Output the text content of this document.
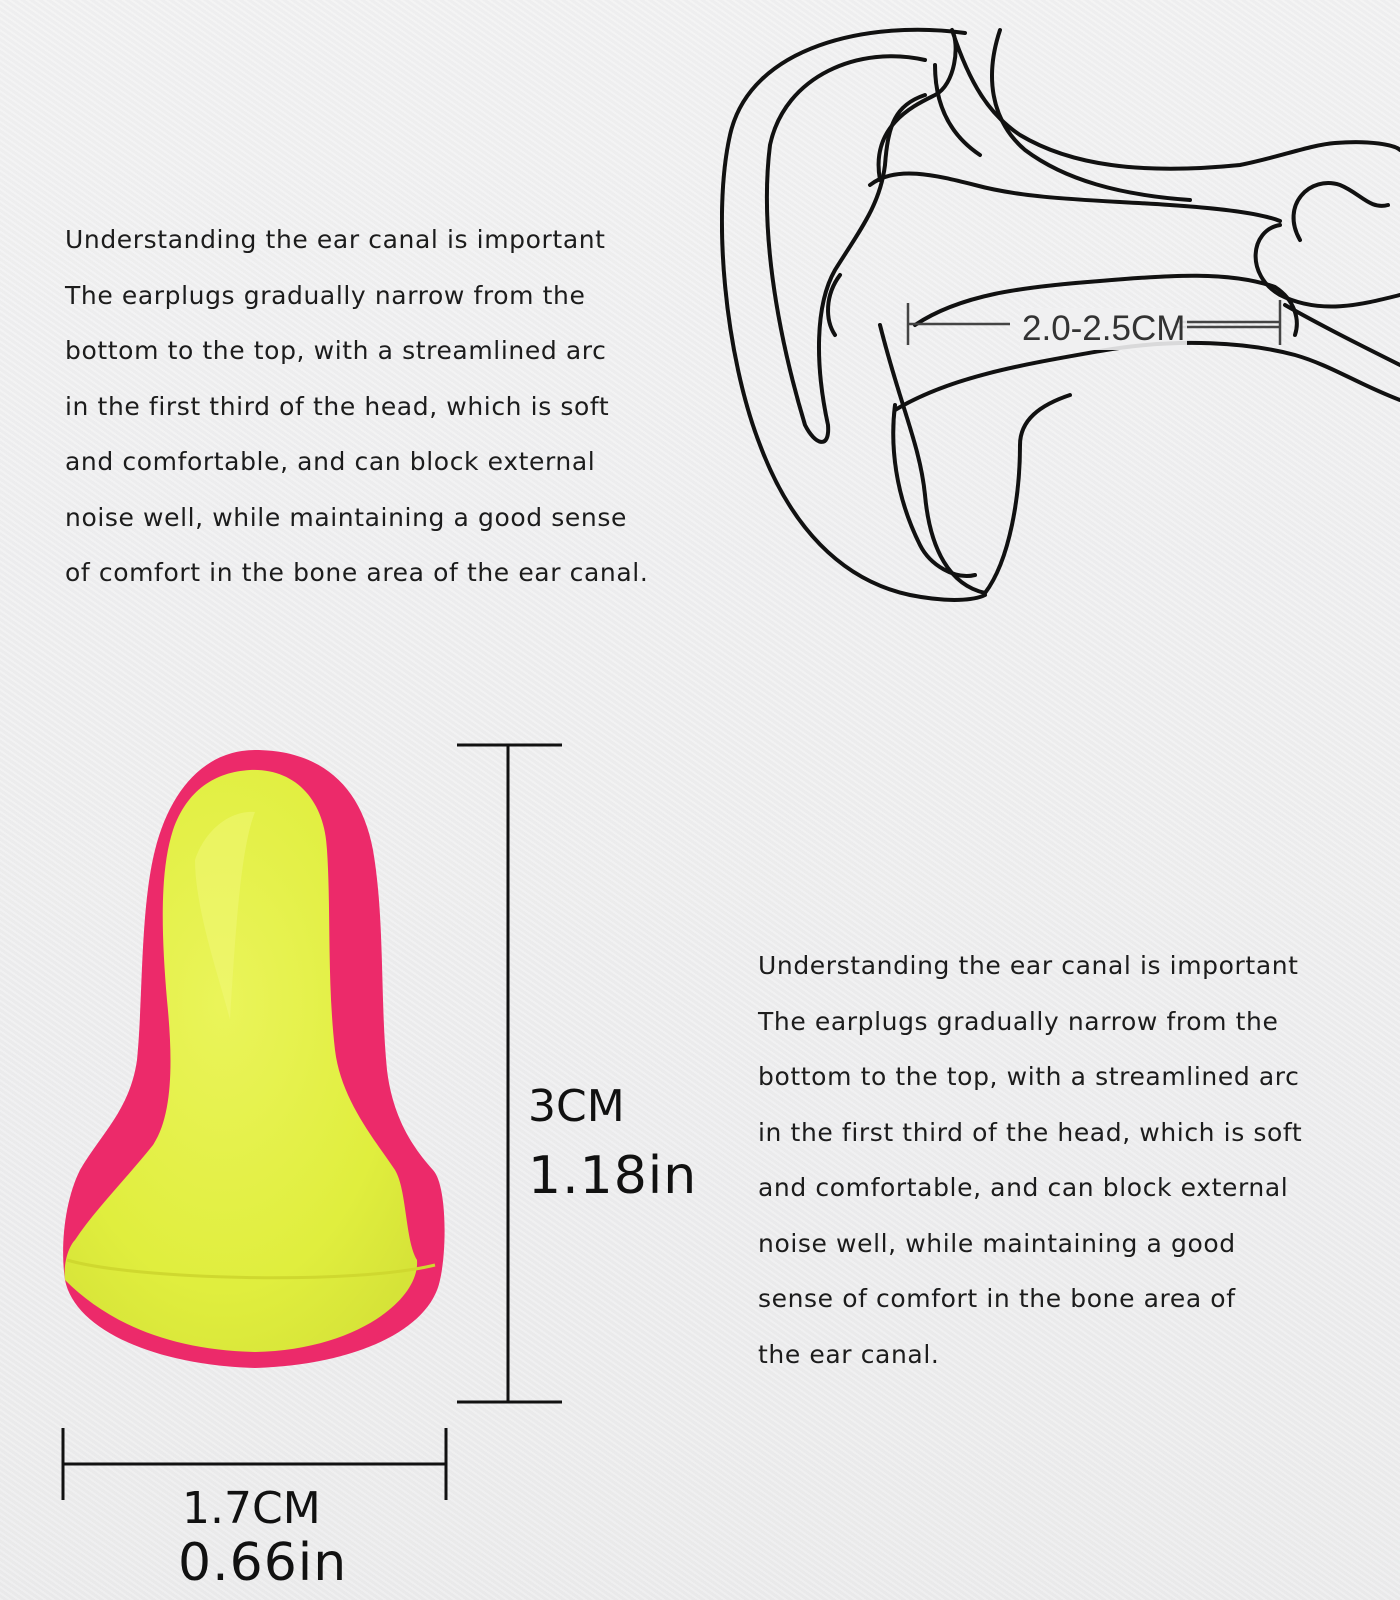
Understanding the ear canal is important
The earplugs gradually narrow from the
bottom to the top, with a streamlined arc
in the first third of the head, which is soft
and comfortable, and can block external
noise well, while maintaining a good sense
of comfort in the bone area of the ear canal.
2.0-2.5CM
3CM
1.18in
1.7CM
0.66in
Understanding the ear canal is important
The earplugs gradually narrow from the
bottom to the top, with a streamlined arc
in the first third of the head, which is soft
and comfortable, and can block external
noise well, while maintaining a good
sense of comfort in the bone area of
the ear canal.
